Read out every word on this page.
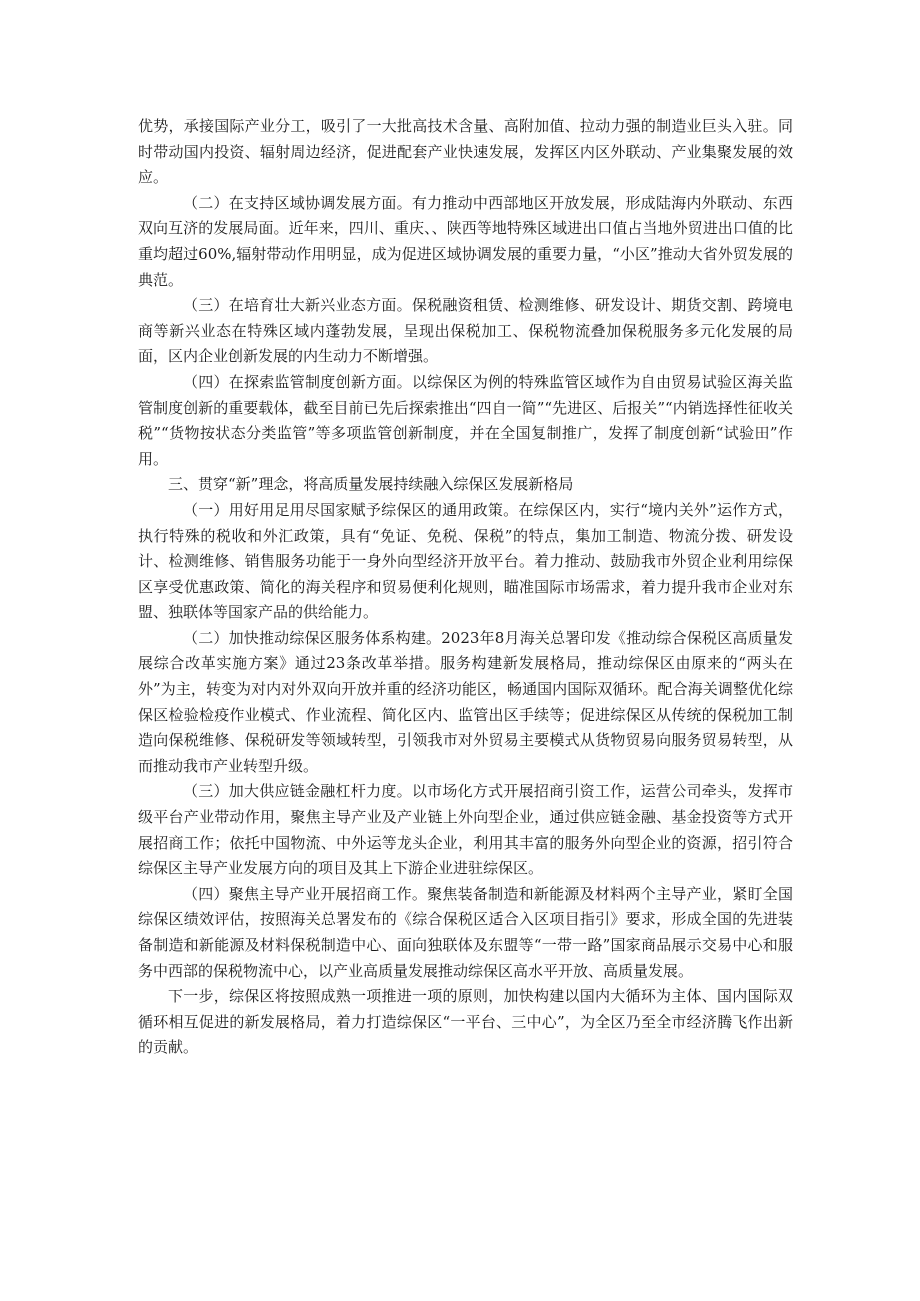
优势，承接国际产业分工，吸引了一大批高技术含量、高附加值、拉动力强的制造业巨头入驻。同时带动国内投资、辐射周边经济，促进配套产业快速发展，发挥区内区外联动、产业集聚发展的效应。

（二）在支持区域协调发展方面。有力推动中西部地区开放发展，形成陆海内外联动、东西双向互济的发展局面。近年来，四川、重庆、、陕西等地特殊区域进出口值占当地外贸进出口值的比重均超过60%,辐射带动作用明显，成为促进区域协调发展的重要力量，“小区”推动大省外贸发展的典范。

（三）在培育壮大新兴业态方面。保税融资租赁、检测维修、研发设计、期货交割、跨境电商等新兴业态在特殊区域内蓬勃发展，呈现出保税加工、保税物流叠加保税服务多元化发展的局面，区内企业创新发展的内生动力不断增强。

（四）在探索监管制度创新方面。以综保区为例的特殊监管区域作为自由贸易试验区海关监管制度创新的重要载体，截至目前已先后探索推出“四自一简”“先进区、后报关”“内销选择性征收关税”“货物按状态分类监管”等多项监管创新制度，并在全国复制推广，发挥了制度创新“试验田”作用。

三、贯穿“新”理念，将高质量发展持续融入综保区发展新格局

（一）用好用足用尽国家赋予综保区的通用政策。在综保区内，实行“境内关外”运作方式，执行特殊的税收和外汇政策，具有“免证、免税、保税”的特点，集加工制造、物流分拨、研发设计、检测维修、销售服务功能于一身外向型经济开放平台。着力推动、鼓励我市外贸企业利用综保区享受优惠政策、简化的海关程序和贸易便利化规则，瞄准国际市场需求，着力提升我市企业对东盟、独联体等国家产品的供给能力。

（二）加快推动综保区服务体系构建。2023年8月海关总署印发《推动综合保税区高质量发展综合改革实施方案》通过23条改革举措。服务构建新发展格局，推动综保区由原来的“两头在外”为主，转变为对内对外双向开放并重的经济功能区，畅通国内国际双循环。配合海关调整优化综保区检验检疫作业模式、作业流程、简化区内、监管出区手续等；促进综保区从传统的保税加工制造向保税维修、保税研发等领域转型，引领我市对外贸易主要模式从货物贸易向服务贸易转型，从而推动我市产业转型升级。

（三）加大供应链金融杠杆力度。以市场化方式开展招商引资工作，运营公司牵头，发挥市级平台产业带动作用，聚焦主导产业及产业链上外向型企业，通过供应链金融、基金投资等方式开展招商工作；依托中国物流、中外运等龙头企业，利用其丰富的服务外向型企业的资源，招引符合综保区主导产业发展方向的项目及其上下游企业进驻综保区。

（四）聚焦主导产业开展招商工作。聚焦装备制造和新能源及材料两个主导产业，紧盯全国综保区绩效评估，按照海关总署发布的《综合保税区适合入区项目指引》要求，形成全国的先进装备制造和新能源及材料保税制造中心、面向独联体及东盟等“一带一路”国家商品展示交易中心和服务中西部的保税物流中心，以产业高质量发展推动综保区高水平开放、高质量发展。

下一步，综保区将按照成熟一项推进一项的原则，加快构建以国内大循环为主体、国内国际双循环相互促进的新发展格局，着力打造综保区“一平台、三中心”，为全区乃至全市经济腾飞作出新的贡献。
